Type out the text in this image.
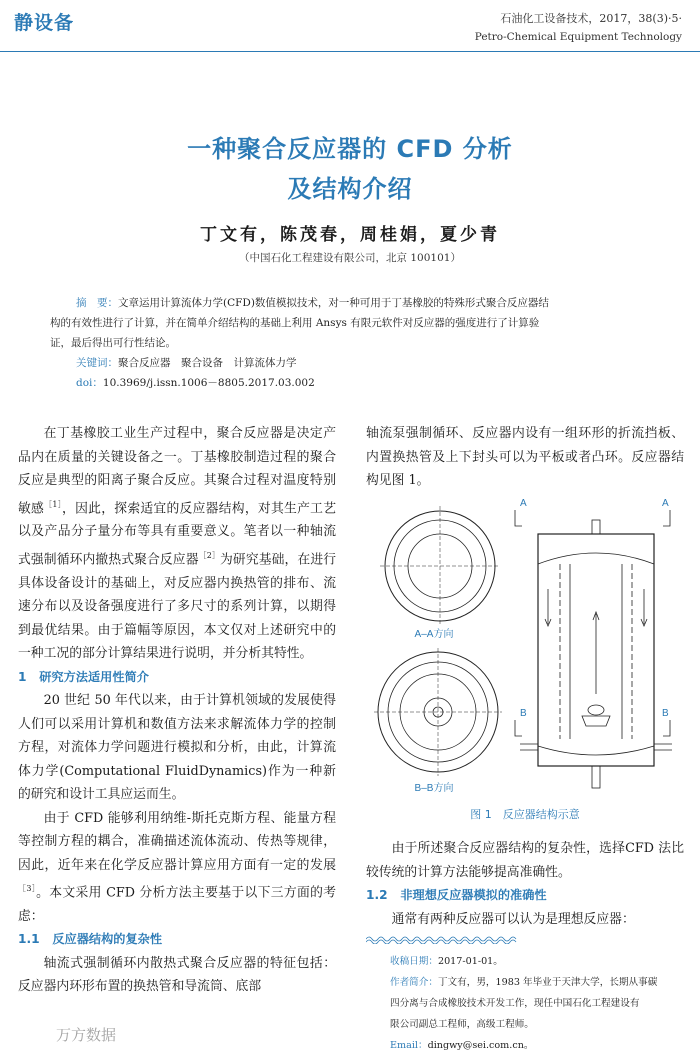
静设备	石油化工设备技术，2017，38(3)·5·
Petro-Chemical Equipment Technology
一种聚合反应器的 CFD 分析
及结构介绍
丁文有，陈茂春，周桂娟，夏少青
（中国石化工程建设有限公司，北京 100101）

摘　要：文章运用计算流体力学(CFD)数值模拟技术，对一种可用于丁基橡胶的特殊形式聚合反应器结

构的有效性进行了计算，并在简单介绍结构的基础上利用 Ansys 有限元软件对反应器的强度进行了计算验

证，最后得出可行性结论。

关键词：聚合反应器　聚合设备　计算流体力学

doi：10.3969/j.issn.1006－8805.2017.03.002

在丁基橡胶工业生产过程中，聚合反应器是决定产品内在质量的关键设备之一。丁基橡胶制造过程的聚合反应是典型的阳离子聚合反应。其聚合过程对温度特别敏感$^{[1]}$，因此，探索适宜的反应器结构，对其生产工艺以及产品分子量分布等具有重要意义。笔者以一种轴流式强制循环内撤热式聚合反应器$^{[2]}$为研究基础，在进行具体设备设计的基础上，对反应器内换热管的排布、流速分布以及设备强度进行了多尺寸的系列计算，以期得到最优结果。由于篇幅等原因，本文仅对上述研究中的一种工况的部分计算结果进行说明，并分析其特性。

1 研究方法适用性简介

20 世纪 50 年代以来，由于计算机领域的发展使得人们可以采用计算机和数值方法来求解流体力学的控制方程，对流体力学问题进行模拟和分析，由此，计算流体力学(Computational FluidDynamics)作为一种新的研究和设计工具应运而生。

由于 CFD 能够利用纳维-斯托克斯方程、能量方程等控制方程的耦合，准确描述流体流动、传热等规律，因此，近年来在化学反应器计算应用方面有一定的发展$^{[3]}$。本文采用 CFD 分析方法主要基于以下三方面的考虑：

1.1 反应器结构的复杂性

轴流式强制循环内散热式聚合反应器的特征包括：反应器内环形布置的换热管和导流筒、底部

轴流泵强制循环、反应器内设有一组环形的折流挡板、内置换热管及上下封头可以为平板或者凸环。反应器结构见图 1。

A–A方向
B–B方向
A	A
B	B
图 1　反应器结构示意

由于所述聚合反应器结构的复杂性，选择CFD 法比较传统的计算方法能够提高准确性。

1.2 非理想反应器模拟的准确性

通常有两种反应器可以认为是理想反应器：

收稿日期：2017-01-01。

作者简介：丁文有，男，1983 年毕业于天津大学，长期从事碳

四分离与合成橡胶技术开发工作，现任中国石化工程建设有

限公司副总工程师，高级工程师。

Email：dingwy@sei.com.cn。

万方数据
